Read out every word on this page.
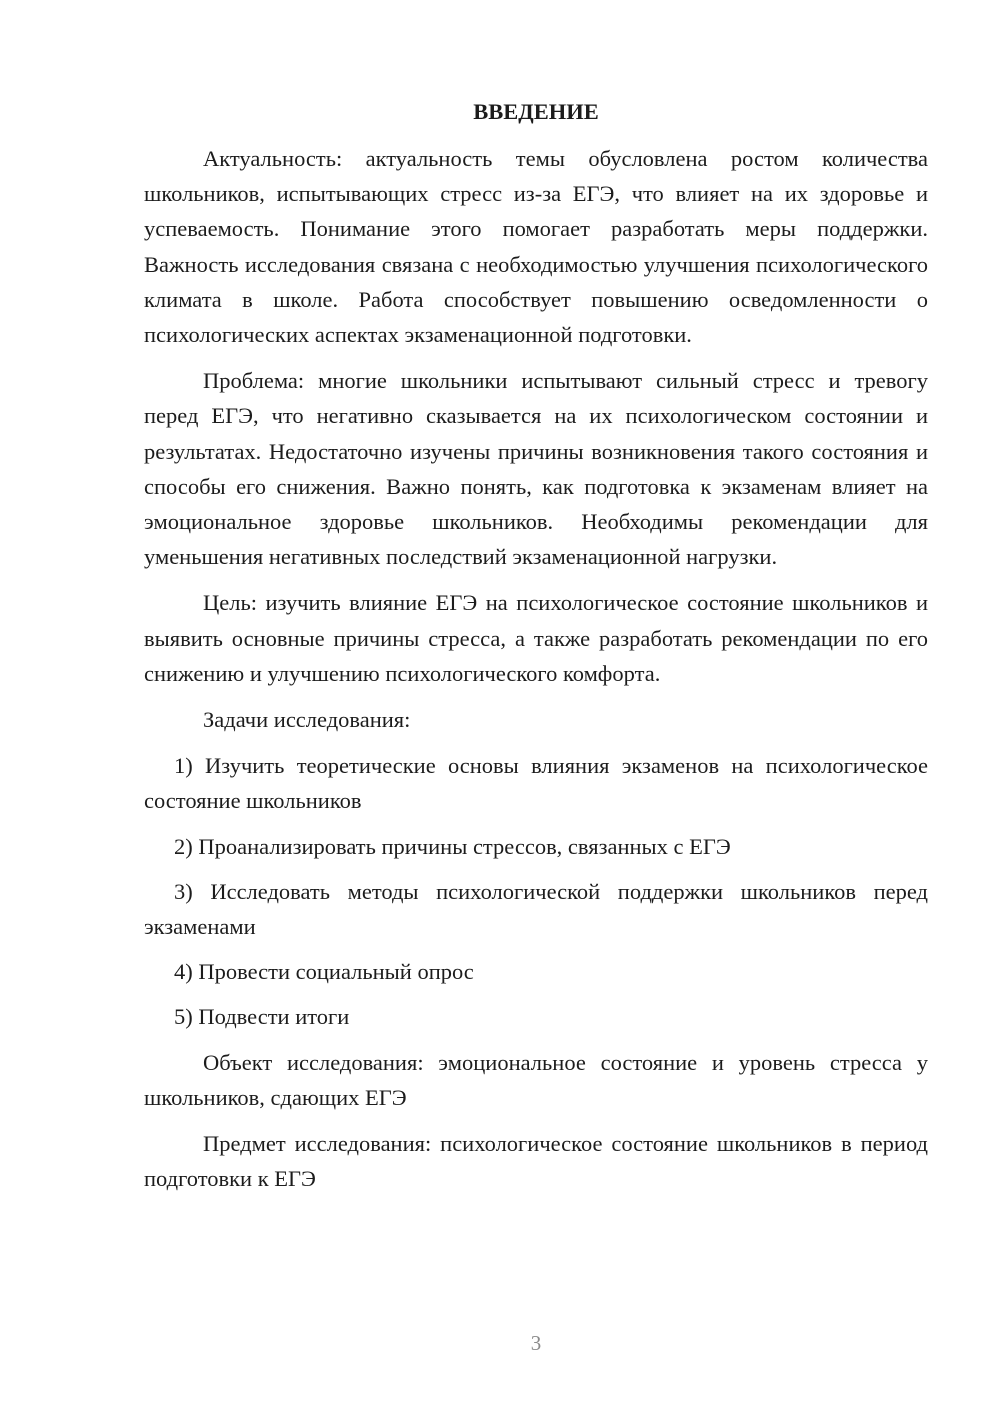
ВВЕДЕНИЕ

Актуальность: актуальность темы обусловлена ростом количества школьников, испытывающих стресс из-за ЕГЭ, что влияет на их здоровье и успеваемость. Понимание этого помогает разработать меры поддержки. Важность исследования связана с необходимостью улучшения психологического климата в школе. Работа способствует повышению осведомленности о психологических аспектах экзаменационной подготовки.

Проблема: многие школьники испытывают сильный стресс и тревогу перед ЕГЭ, что негативно сказывается на их психологическом состоянии и результатах. Недостаточно изучены причины возникновения такого состояния и способы его снижения. Важно понять, как подготовка к экзаменам влияет на эмоциональное здоровье школьников. Необходимы рекомендации для уменьшения негативных последствий экзаменационной нагрузки.

Цель: изучить влияние ЕГЭ на психологическое состояние школьников и выявить основные причины стресса, а также разработать рекомендации по его снижению и улучшению психологического комфорта.

Задачи исследования:

1) Изучить теоретические основы влияния экзаменов на психологическое состояние школьников

2) Проанализировать причины стрессов, связанных с ЕГЭ

3) Исследовать методы психологической поддержки школьников перед экзаменами

4) Провести социальный опрос

5) Подвести итоги

Объект исследования: эмоциональное состояние и уровень стресса у школьников, сдающих ЕГЭ

Предмет исследования: психологическое состояние школьников в период подготовки к ЕГЭ

3
